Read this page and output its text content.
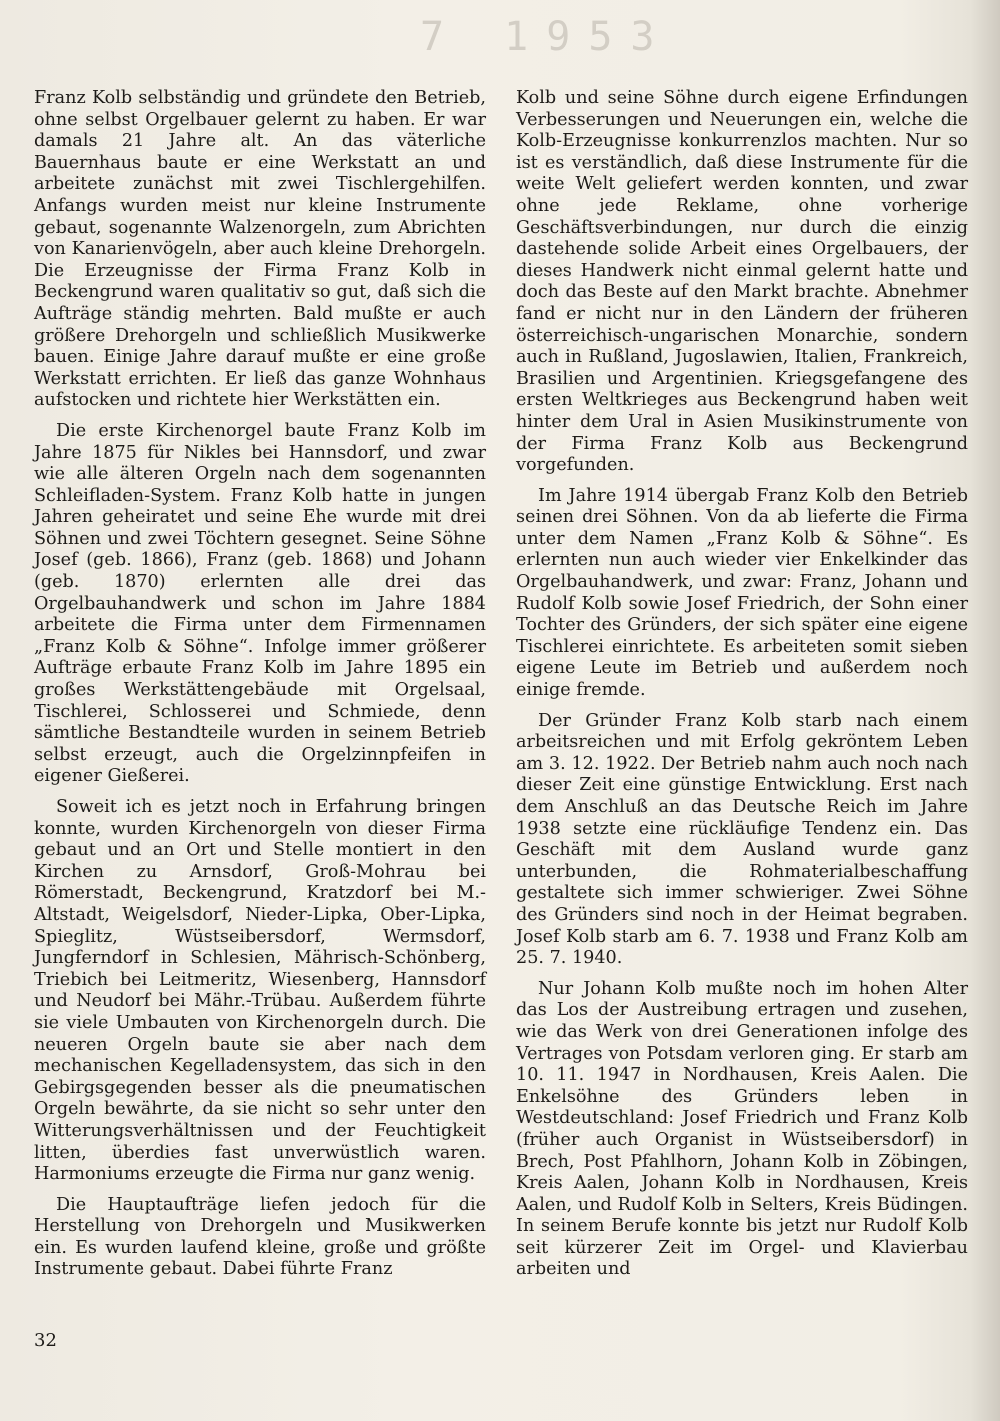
7 1953

Franz Kolb selbständig und gründete den Betrieb, ohne selbst Orgelbauer gelernt zu haben. Er war damals 21 Jahre alt. An das väterliche Bauernhaus baute er eine Werkstatt an und arbeitete zunächst mit zwei Tischlergehilfen. Anfangs wurden meist nur kleine Instrumente gebaut, sogenannte Walzenorgeln, zum Abrichten von Kanarienvögeln, aber auch kleine Drehorgeln. Die Erzeugnisse der Firma Franz Kolb in Beckengrund waren qualitativ so gut, daß sich die Aufträge ständig mehrten. Bald mußte er auch größere Drehorgeln und schließlich Musikwerke bauen. Einige Jahre darauf mußte er eine große Werkstatt errichten. Er ließ das ganze Wohnhaus aufstocken und richtete hier Werkstätten ein.

Die erste Kirchenorgel baute Franz Kolb im Jahre 1875 für Nikles bei Hannsdorf, und zwar wie alle älteren Orgeln nach dem sogenannten Schleifladen-System. Franz Kolb hatte in jungen Jahren geheiratet und seine Ehe wurde mit drei Söhnen und zwei Töchtern gesegnet. Seine Söhne Josef (geb. 1866), Franz (geb. 1868) und Johann (geb. 1870) erlernten alle drei das Orgelbauhandwerk und schon im Jahre 1884 arbeitete die Firma unter dem Firmennamen „Franz Kolb & Söhne“. Infolge immer größerer Aufträge erbaute Franz Kolb im Jahre 1895 ein großes Werkstättengebäude mit Orgelsaal, Tischlerei, Schlosserei und Schmiede, denn sämtliche Bestandteile wurden in seinem Betrieb selbst erzeugt, auch die Orgelzinnpfeifen in eigener Gießerei.

Soweit ich es jetzt noch in Erfahrung bringen konnte, wurden Kirchenorgeln von dieser Firma gebaut und an Ort und Stelle montiert in den Kirchen zu Arnsdorf, Groß-Mohrau bei Römerstadt, Beckengrund, Kratzdorf bei M.-Altstadt, Weigelsdorf, Nieder-Lipka, Ober-Lipka, Spieglitz, Wüstseibersdorf, Wermsdorf, Jungferndorf in Schlesien, Mährisch-Schönberg, Triebich bei Leitmeritz, Wiesenberg, Hannsdorf und Neudorf bei Mähr.-Trübau. Außerdem führte sie viele Umbauten von Kirchenorgeln durch. Die neueren Orgeln baute sie aber nach dem mechanischen Kegelladensystem, das sich in den Gebirgsgegenden besser als die pneumatischen Orgeln bewährte, da sie nicht so sehr unter den Witterungsverhältnissen und der Feuchtigkeit litten, überdies fast unverwüstlich waren. Harmoniums erzeugte die Firma nur ganz wenig.

Die Hauptaufträge liefen jedoch für die Herstellung von Drehorgeln und Musikwerken ein. Es wurden laufend kleine, große und größte Instrumente gebaut. Dabei führte Franz

Kolb und seine Söhne durch eigene Erfindungen Verbesserungen und Neuerungen ein, welche die Kolb-Erzeugnisse konkurrenzlos machten. Nur so ist es verständlich, daß diese Instrumente für die weite Welt geliefert werden konnten, und zwar ohne jede Reklame, ohne vorherige Geschäftsverbindungen, nur durch die einzig dastehende solide Arbeit eines Orgelbauers, der dieses Handwerk nicht einmal gelernt hatte und doch das Beste auf den Markt brachte. Abnehmer fand er nicht nur in den Ländern der früheren österreichisch-ungarischen Monarchie, sondern auch in Rußland, Jugoslawien, Italien, Frankreich, Brasilien und Argentinien. Kriegsgefangene des ersten Weltkrieges aus Beckengrund haben weit hinter dem Ural in Asien Musikinstrumente von der Firma Franz Kolb aus Beckengrund vorgefunden.

Im Jahre 1914 übergab Franz Kolb den Betrieb seinen drei Söhnen. Von da ab lieferte die Firma unter dem Namen „Franz Kolb & Söhne“. Es erlernten nun auch wieder vier Enkelkinder das Orgelbauhandwerk, und zwar: Franz, Johann und Rudolf Kolb sowie Josef Friedrich, der Sohn einer Tochter des Gründers, der sich später eine eigene Tischlerei einrichtete. Es arbeiteten somit sieben eigene Leute im Betrieb und außerdem noch einige fremde.

Der Gründer Franz Kolb starb nach einem arbeitsreichen und mit Erfolg gekröntem Leben am 3. 12. 1922. Der Betrieb nahm auch noch nach dieser Zeit eine günstige Entwicklung. Erst nach dem Anschluß an das Deutsche Reich im Jahre 1938 setzte eine rückläufige Tendenz ein. Das Geschäft mit dem Ausland wurde ganz unterbunden, die Rohmaterialbeschaffung gestaltete sich immer schwieriger. Zwei Söhne des Gründers sind noch in der Heimat begraben. Josef Kolb starb am 6. 7. 1938 und Franz Kolb am 25. 7. 1940.

Nur Johann Kolb mußte noch im hohen Alter das Los der Austreibung ertragen und zusehen, wie das Werk von drei Generationen infolge des Vertrages von Potsdam verloren ging. Er starb am 10. 11. 1947 in Nordhausen, Kreis Aalen. Die Enkelsöhne des Gründers leben in Westdeutschland: Josef Friedrich und Franz Kolb (früher auch Organist in Wüstseibersdorf) in Brech, Post Pfahlhorn, Johann Kolb in Zöbingen, Kreis Aalen, Johann Kolb in Nordhausen, Kreis Aalen, und Rudolf Kolb in Selters, Kreis Büdingen. In seinem Berufe konnte bis jetzt nur Rudolf Kolb seit kürzerer Zeit im Orgel- und Klavierbau arbeiten und

32
